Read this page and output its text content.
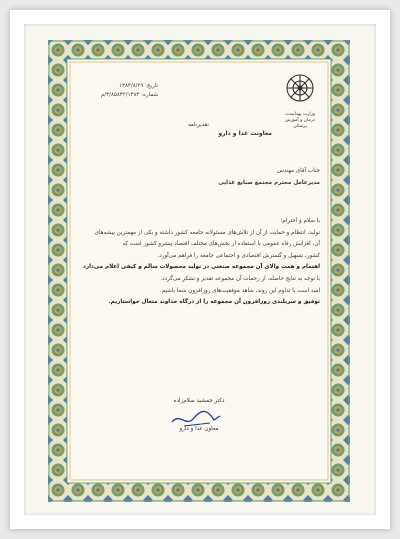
تاریخ: ۱۳۸۳/۸/۲۹
شماره: ۳/۸۵۸۳۲/۱۳۸۳/م
وزارت بهداشت، درمان و آموزش پزشکی
تقدیرنامه
معاونت غذا و دارو
جناب آقای مهندس
مدیرعامل محترم مجتمع صنایع غذایی

با سلام و احترام؛

تولید، انتظام و حمایت از آن از تلاش‌های مسئولانه جامعه کشور داشته و یکی از مهمترین پیشه‌های

آن، افزایش رفاه عمومی با استفاده از بخش‌های مختلف اقتصاد پیشرو کشور است که

کشور، تسهیل و گسترش اقتصادی و اجتماعی جامعه را فراهم می‌آورد.

اهتمام و همت والای آن مجموعه صنعتی در تولید محصولات سالم و کیفی اعلام می‌دارد

با توجه به نتایج حاصله، از زحمات آن مجموعه تقدیر و تشکر می‌گردد.

امید است با تداوم این روند، شاهد موفقیت‌های روزافزون شما باشیم.

توفیق و سربلندی روزافزون آن مجموعه را از درگاه خداوند متعال خواستاریم.

دکتر جمشید سلام‌زاده
معاون غذا و دارو
